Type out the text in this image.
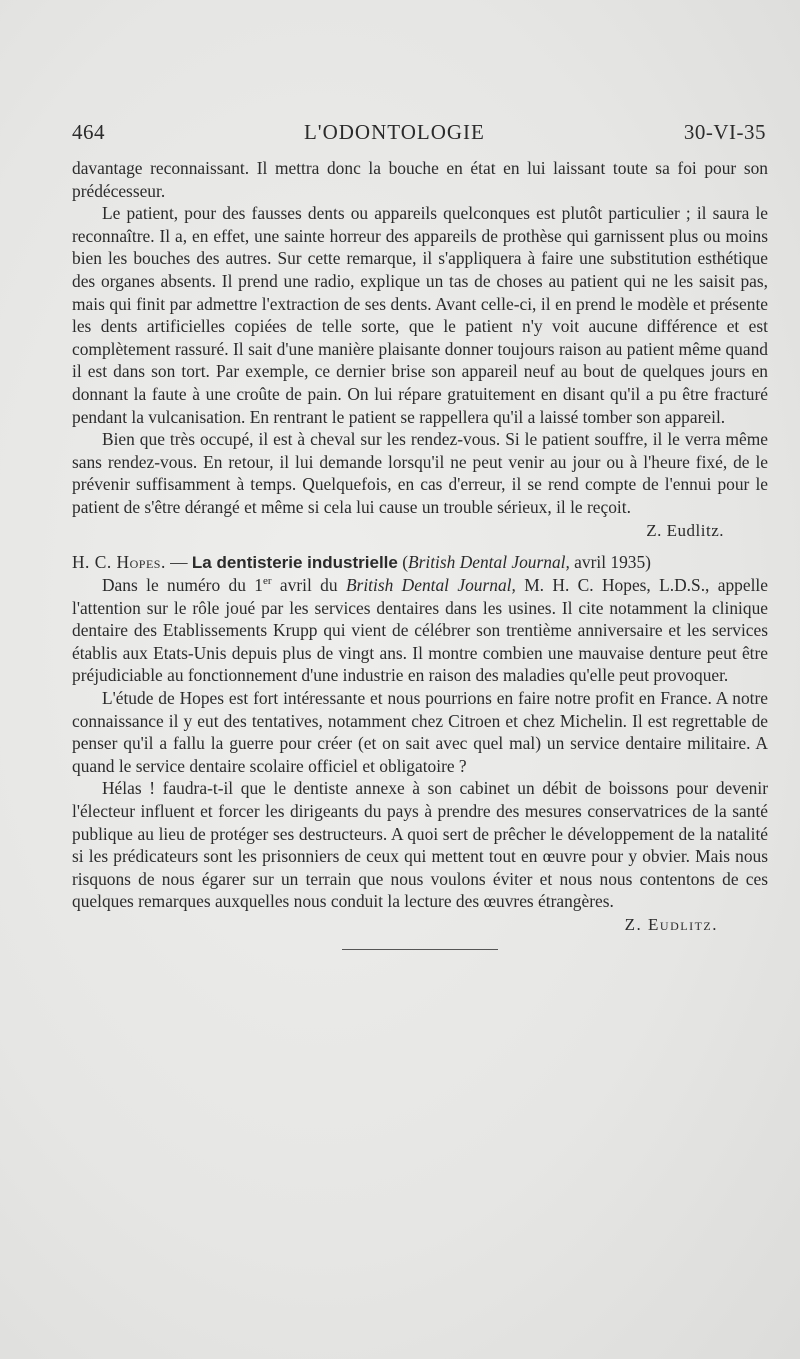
464	L'ODONTOLOGIE	30-VI-35

davantage reconnaissant. Il mettra donc la bouche en état en lui laissant toute sa foi pour son prédécesseur.

Le patient, pour des fausses dents ou appareils quelconques est plutôt particulier ; il saura le reconnaître. Il a, en effet, une sainte horreur des appareils de prothèse qui garnissent plus ou moins bien les bouches des autres. Sur cette remarque, il s'appliquera à faire une substitution esthétique des organes absents. Il prend une radio, explique un tas de choses au patient qui ne les saisit pas, mais qui finit par admettre l'extraction de ses dents. Avant celle-ci, il en prend le modèle et présente les dents artificielles copiées de telle sorte, que le patient n'y voit aucune différence et est complètement rassuré. Il sait d'une manière plaisante donner toujours raison au patient même quand il est dans son tort. Par exemple, ce dernier brise son appareil neuf au bout de quelques jours en donnant la faute à une croûte de pain. On lui répare gratuitement en disant qu'il a pu être fracturé pendant la vulcanisation. En rentrant le patient se rappellera qu'il a laissé tomber son appareil.

Bien que très occupé, il est à cheval sur les rendez-vous. Si le patient souffre, il le verra même sans rendez-vous. En retour, il lui demande lorsqu'il ne peut venir au jour ou à l'heure fixé, de le prévenir suffisamment à temps. Quelquefois, en cas d'erreur, il se rend compte de l'ennui pour le patient de s'être dérangé et même si cela lui cause un trouble sérieux, il le reçoit.

Z. Eudlitz.

H. C. Hopes. — La dentisterie industrielle (British Dental Journal, avril 1935)

Dans le numéro du 1er avril du British Dental Journal, M. H. C. Hopes, L.D.S., appelle l'attention sur le rôle joué par les services dentaires dans les usines. Il cite notamment la clinique dentaire des Etablissements Krupp qui vient de célébrer son trentième anniversaire et les services établis aux Etats-Unis depuis plus de vingt ans. Il montre combien une mauvaise denture peut être préjudiciable au fonctionnement d'une industrie en raison des maladies qu'elle peut provoquer.

L'étude de Hopes est fort intéressante et nous pourrions en faire notre profit en France. A notre connaissance il y eut des tentatives, notamment chez Citroen et chez Michelin. Il est regrettable de penser qu'il a fallu la guerre pour créer (et on sait avec quel mal) un service dentaire militaire. A quand le service dentaire scolaire officiel et obligatoire ?

Hélas ! faudra-t-il que le dentiste annexe à son cabinet un débit de boissons pour devenir l'électeur influent et forcer les dirigeants du pays à prendre des mesures conservatrices de la santé publique au lieu de protéger ses destructeurs. A quoi sert de prêcher le développement de la natalité si les prédicateurs sont les prisonniers de ceux qui mettent tout en œuvre pour y obvier. Mais nous risquons de nous égarer sur un terrain que nous voulons éviter et nous nous contentons de ces quelques remarques auxquelles nous conduit la lecture des œuvres étrangères.

Z. Eudlitz.
